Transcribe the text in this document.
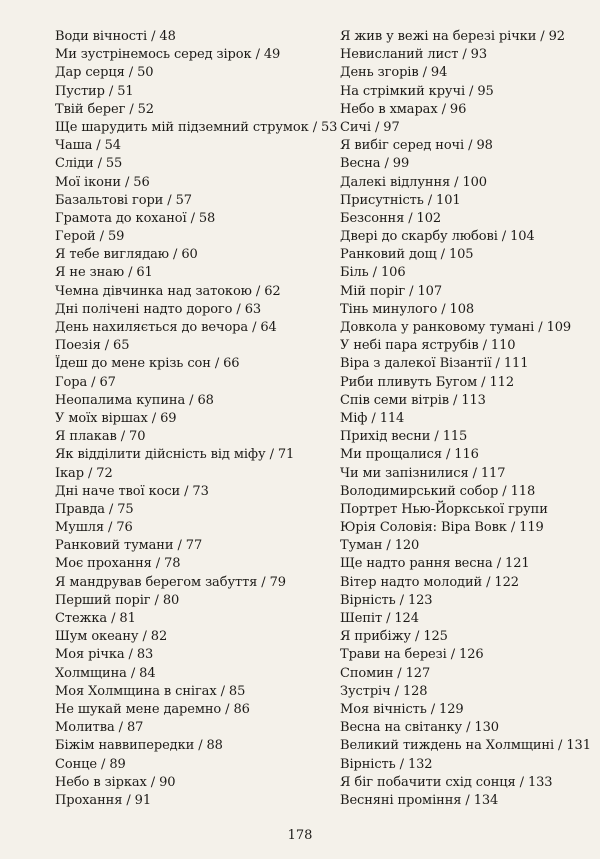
Води вічності / 48
Ми зустрінемось серед зірок / 49
Дар серця / 50
Пустир / 51
Твій берег / 52
Ще шарудить мій підземний струмок / 53
Чаша / 54
Сліди / 55
Мої ікони / 56
Базальтові гори / 57
Грамота до коханої / 58
Герой / 59
Я тебе виглядаю / 60
Я не знаю / 61
Чемна дівчинка над затокою / 62
Дні полічені надто дорого / 63
День нахиляється до вечора / 64
Поезія / 65
Їдеш до мене крізь сон / 66
Гора / 67
Неопалима купина / 68
У моїх віршах / 69
Я плакав / 70
Як відділити дійсність від міфу / 71
Ікар / 72
Дні наче твої коси / 73
Правда / 75
Мушля / 76
Ранковий тумани / 77
Моє прохання / 78
Я мандрував берегом забуття / 79
Перший поріг / 80
Стежка / 81
Шум океану / 82
Моя річка / 83
Холмщина / 84
Моя Холмщина в снігах / 85
Не шукай мене даремно / 86
Молитва / 87
Біжім наввипередки / 88
Сонце / 89
Небо в зірках / 90
Прохання / 91
Я жив у вежі на березі річки / 92
Невисланий лист / 93
День згорів / 94
На стрімкий кручі / 95
Небо в хмарах / 96
Сичі / 97
Я вибіг серед ночі / 98
Весна / 99
Далекі відлуння / 100
Присутність / 101
Безсоння / 102
Двері до скарбу любові / 104
Ранковий дощ / 105
Біль / 106
Мій поріг / 107
Тінь минулого / 108
Довкола у ранковому тумані / 109
У небі пара яструбів / 110
Віра з далекої Візантії / 111
Риби пливуть Бугом / 112
Спів семи вітрів / 113
Міф / 114
Прихід весни / 115
Ми прощалися / 116
Чи ми запізнилися / 117
Володимирський собор / 118
Портрет Нью-Йоркської групи
Юрія Соловія: Віра Вовк / 119
Туман / 120
Ще надто рання весна / 121
Вітер надто молодий / 122
Вірність / 123
Шепіт / 124
Я прибіжу / 125
Трави на березі / 126
Спомин / 127
Зустріч / 128
Моя вічність / 129
Весна на світанку / 130
Великий тиждень на Холмщині / 131
Вірність / 132
Я біг побачити схід сонця / 133
Весняні проміння / 134
178
